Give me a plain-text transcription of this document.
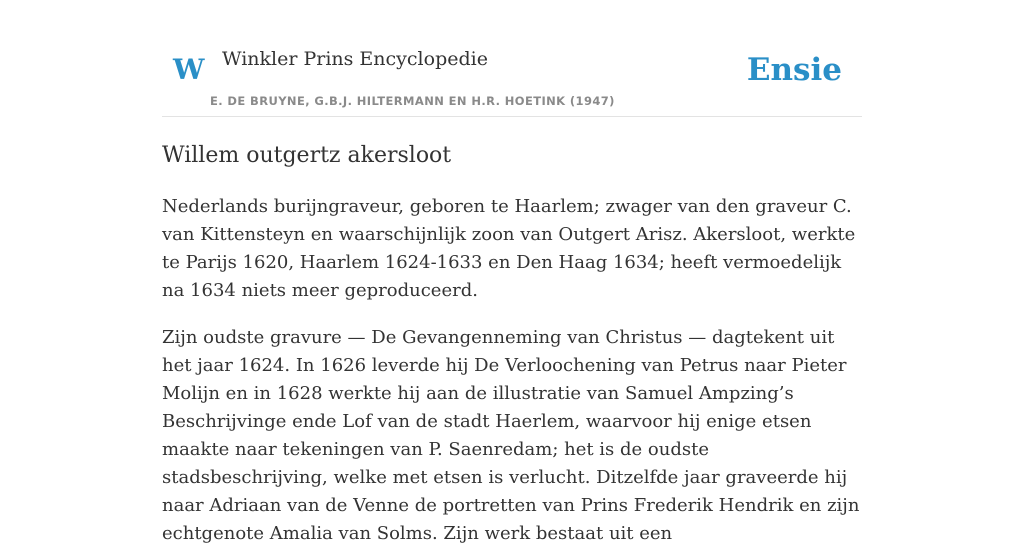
W Winkler Prins Encyclopedie
E. DE BRUYNE, G.B.J. HILTERMANN EN H.R. HOETINK (1947)
Ensie
Willem outgertz akersloot

Nederlands burijngraveur, geboren te Haarlem; zwager van den graveur C. van Kittensteyn en waarschijnlijk zoon van Outgert Arisz. Akersloot, werkte te Parijs 1620, Haarlem 1624-1633 en Den Haag 1634; heeft vermoedelijk na 1634 niets meer geproduceerd.

Zijn oudste gravure — De Gevangenneming van Christus — dagtekent uit het jaar 1624. In 1626 leverde hij De Verloochening van Petrus naar Pieter Molijn en in 1628 werkte hij aan de illustratie van Samuel Ampzing’s Beschrijvinge ende Lof van de stadt Haerlem, waarvoor hij enige etsen maakte naar tekeningen van P. Saenredam; het is de oudste stadsbeschrijving, welke met etsen is verlucht. Ditzelfde jaar graveerde hij naar Adriaan van de Venne de portretten van Prins Frederik Hendrik en zijn echtgenote Amalia van Solms. Zijn werk bestaat uit een
